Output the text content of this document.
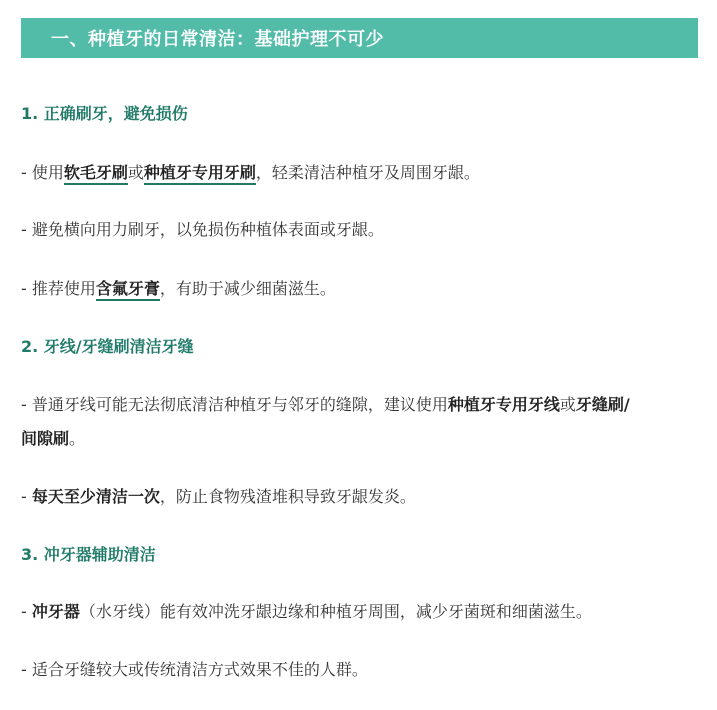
一、种植牙的日常清洁：基础护理不可少
1. 正确刷牙，避免损伤
- 使用软毛牙刷或种植牙专用牙刷，轻柔清洁种植牙及周围牙龈。
- 避免横向用力刷牙，以免损伤种植体表面或牙龈。
- 推荐使用含氟牙膏，有助于减少细菌滋生。
2. 牙线/牙缝刷清洁牙缝
- 普通牙线可能无法彻底清洁种植牙与邻牙的缝隙，建议使用种植牙专用牙线或牙缝刷/
间隙刷。
- 每天至少清洁一次，防止食物残渣堆积导致牙龈发炎。
3. 冲牙器辅助清洁
- 冲牙器（水牙线）能有效冲洗牙龈边缘和种植牙周围，减少牙菌斑和细菌滋生。
- 适合牙缝较大或传统清洁方式效果不佳的人群。
